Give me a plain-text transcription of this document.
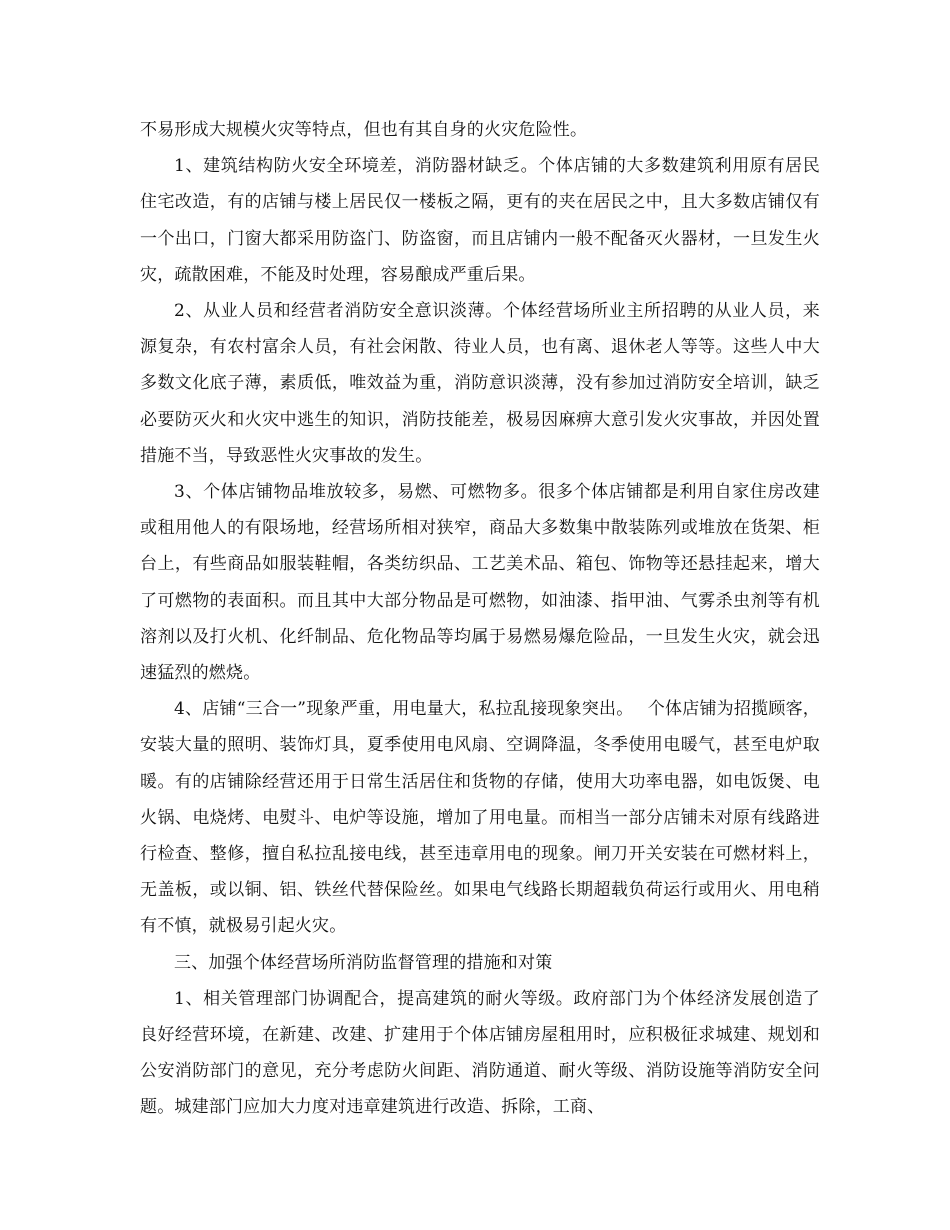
不易形成大规模火灾等特点，但也有其自身的火灾危险性。

1、建筑结构防火安全环境差，消防器材缺乏。个体店铺的大多数建筑利用原有居民住宅改造，有的店铺与楼上居民仅一楼板之隔，更有的夹在居民之中，且大多数店铺仅有一个出口，门窗大都采用防盗门、防盗窗，而且店铺内一般不配备灭火器材，一旦发生火灾，疏散困难，不能及时处理，容易酿成严重后果。

2、从业人员和经营者消防安全意识淡薄。个体经营场所业主所招聘的从业人员，来源复杂，有农村富余人员，有社会闲散、待业人员，也有离、退休老人等等。这些人中大多数文化底子薄，素质低，唯效益为重，消防意识淡薄，没有参加过消防安全培训，缺乏必要防灭火和火灾中逃生的知识，消防技能差，极易因麻痹大意引发火灾事故，并因处置措施不当，导致恶性火灾事故的发生。

3、个体店铺物品堆放较多，易燃、可燃物多。很多个体店铺都是利用自家住房改建或租用他人的有限场地，经营场所相对狭窄，商品大多数集中散装陈列或堆放在货架、柜台上，有些商品如服装鞋帽，各类纺织品、工艺美术品、箱包、饰物等还悬挂起来，增大了可燃物的表面积。而且其中大部分物品是可燃物，如油漆、指甲油、气雾杀虫剂等有机溶剂以及打火机、化纤制品、危化物品等均属于易燃易爆危险品，一旦发生火灾，就会迅速猛烈的燃烧。

4、店铺“三合一”现象严重，用电量大，私拉乱接现象突出。　 个体店铺为招揽顾客，安装大量的照明、装饰灯具，夏季使用电风扇、空调降温，冬季使用电暖气，甚至电炉取暖。有的店铺除经营还用于日常生活居住和货物的存储，使用大功率电器，如电饭煲、电火锅、电烧烤、电熨斗、电炉等设施，增加了用电量。而相当一部分店铺未对原有线路进行检查、整修，擅自私拉乱接电线，甚至违章用电的现象。闸刀开关安装在可燃材料上，无盖板，或以铜、铝、铁丝代替保险丝。如果电气线路长期超载负荷运行或用火、用电稍有不慎，就极易引起火灾。

三、加强个体经营场所消防监督管理的措施和对策

1、相关管理部门协调配合，提高建筑的耐火等级。政府部门为个体经济发展创造了良好经营环境，在新建、改建、扩建用于个体店铺房屋租用时，应积极征求城建、规划和公安消防部门的意见，充分考虑防火间距、消防通道、耐火等级、消防设施等消防安全问题。城建部门应加大力度对违章建筑进行改造、拆除，工商、
